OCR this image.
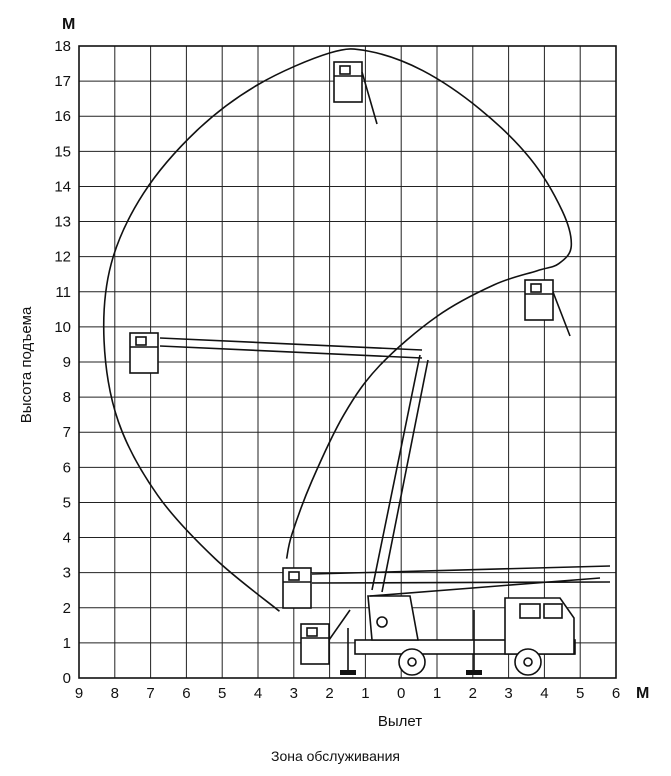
9 8 7 6 5 4 3 2 1 0 1 2 3 4 5 6
0
1
2
3
4
5
6
7
8
9
10
11
12
13
14
15
16
17
18
М
М
Вылет
Высота подъема
Зона обслуживания
